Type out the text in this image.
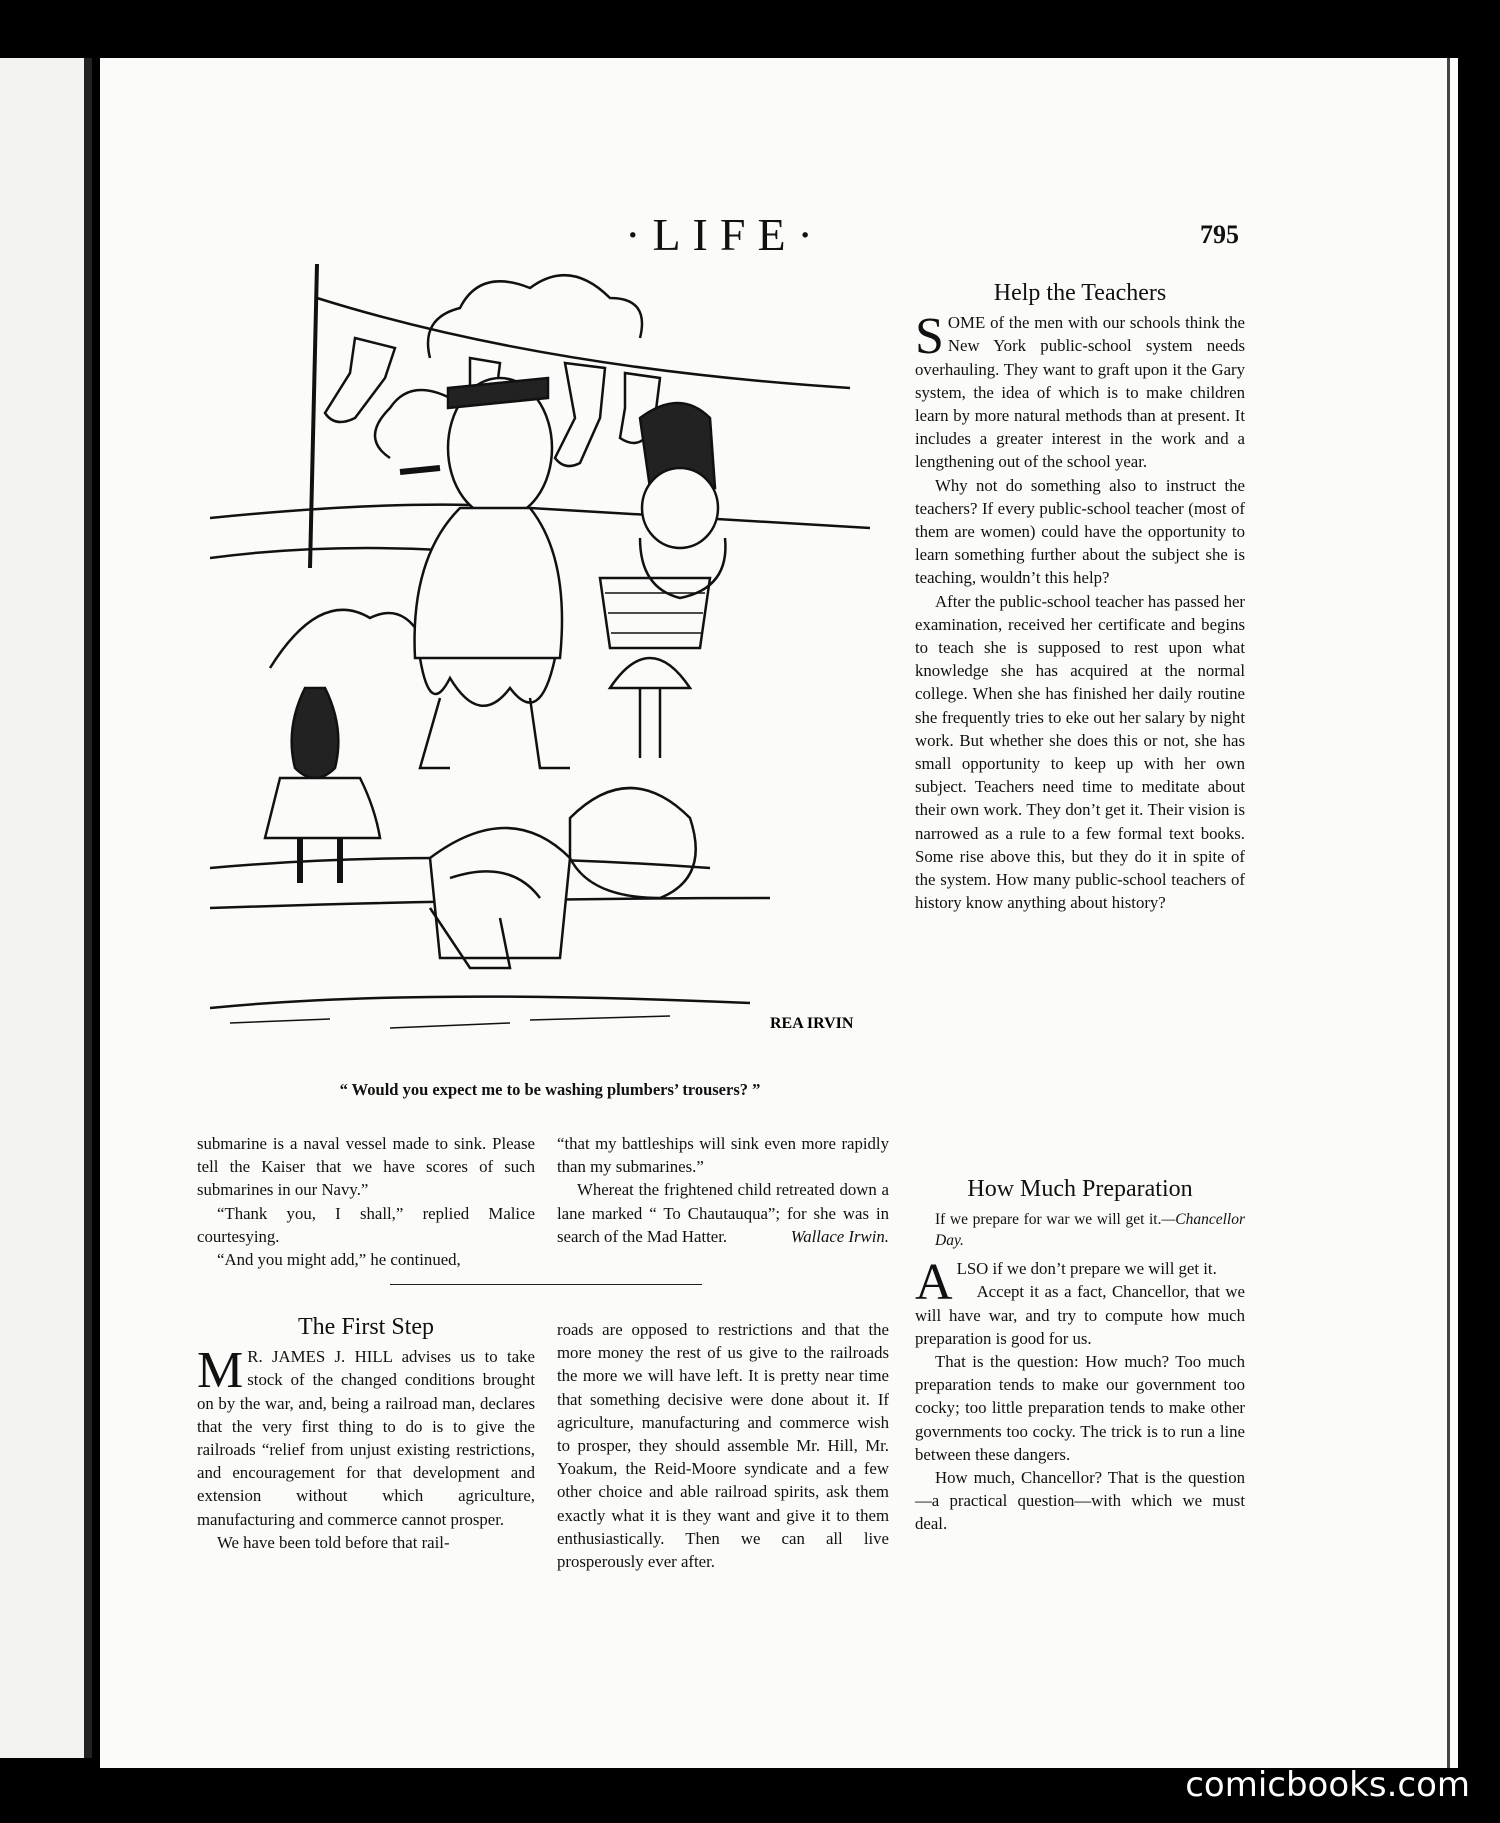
·LIFE·	795
REA IRVIN
“ Would you expect me to be washing plumbers’ trousers? ”

submarine is a naval vessel made to sink. Please tell the Kaiser that we have scores of such submarines in our Navy.”

“Thank you, I shall,” replied Malice courtesying.

“And you might add,” he continued,

“that my battleships will sink even more rapidly than my submarines.”

Whereat the frightened child retreated down a lane marked “ To Chautauqua”; for she was in search of the Mad Hatter.	Wallace Irwin.

The First Step

M R. JAMES J. HILL advises us to take stock of the changed conditions brought on by the war, and, being a railroad man, declares that the very first thing to do is to give the railroads “relief from unjust existing restrictions, and encouragement for that development and extension without which agriculture, manufacturing and commerce cannot prosper.

We have been told before that rail-

roads are opposed to restrictions and that the more money the rest of us give to the railroads the more we will have left. It is pretty near time that something decisive were done about it. If agriculture, manufacturing and commerce wish to prosper, they should assemble Mr. Hill, Mr. Yoakum, the Reid-Moore syndicate and a few other choice and able railroad spirits, ask them exactly what it is they want and give it to them enthusiastically. Then we can all live prosperously ever after.

Help the Teachers

SOME of the men with our schools think the New York public-school system needs overhauling. They want to graft upon it the Gary system, the idea of which is to make children learn by more natural methods than at present. It includes a greater interest in the work and a lengthening out of the school year.

Why not do something also to instruct the teachers? If every public-school teacher (most of them are women) could have the opportunity to learn something further about the subject she is teaching, wouldn’t this help?

After the public-school teacher has passed her examination, received her certificate and begins to teach she is supposed to rest upon what knowledge she has acquired at the normal college. When she has finished her daily routine she frequently tries to eke out her salary by night work. But whether she does this or not, she has small opportunity to keep up with her own subject. Teachers need time to meditate about their own work. They don’t get it. Their vision is narrowed as a rule to a few formal text books. Some rise above this, but they do it in spite of the system. How many public-school teachers of history know anything about history?

How Much Preparation

If we prepare for war we will get it.—Chancellor Day.

ALSO if we don’t prepare we will get it.

Accept it as a fact, Chancellor, that we will have war, and try to compute how much preparation is good for us.

That is the question: How much? Too much preparation tends to make our government too cocky; too little preparation tends to make other governments too cocky. The trick is to run a line between these dangers.

How much, Chancellor? That is the question—a practical question—with which we must deal.

comicbooks.com
